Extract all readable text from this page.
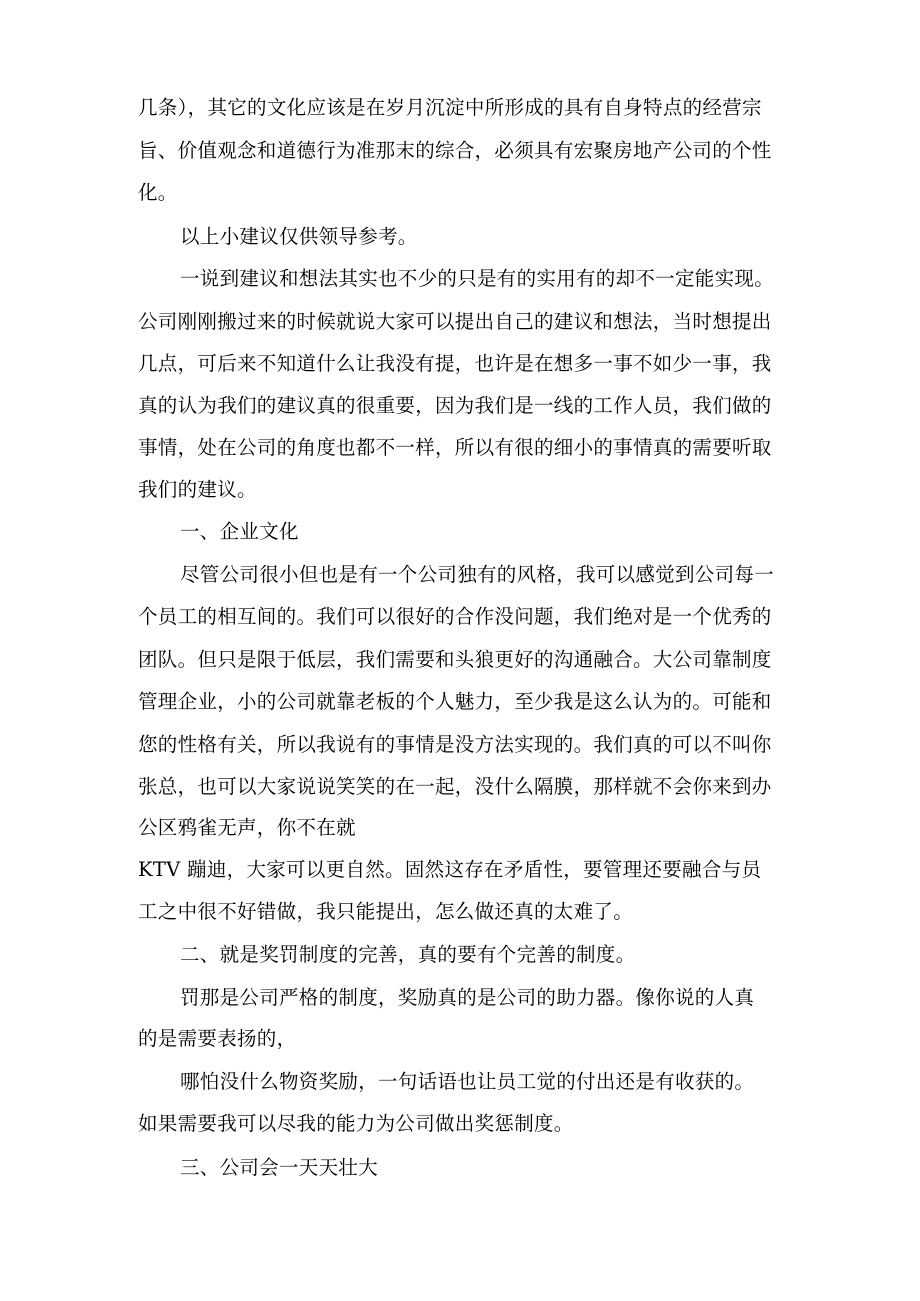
几条），其它的文化应该是在岁月沉淀中所形成的具有自身特点的经营宗
旨、价值观念和道德行为准那末的综合，必须具有宏聚房地产公司的个性
化。
以上小建议仅供领导参考。
一说到建议和想法其实也不少的只是有的实用有的却不一定能实现。
公司刚刚搬过来的时候就说大家可以提出自己的建议和想法，当时想提出
几点，可后来不知道什么让我没有提，也许是在想多一事不如少一事，我
真的认为我们的建议真的很重要，因为我们是一线的工作人员，我们做的
事情，处在公司的角度也都不一样，所以有很的细小的事情真的需要听取
我们的建议。
一、企业文化
尽管公司很小但也是有一个公司独有的风格，我可以感觉到公司每一
个员工的相互间的。我们可以很好的合作没问题，我们绝对是一个优秀的
团队。但只是限于低层，我们需要和头狼更好的沟通融合。大公司靠制度
管理企业，小的公司就靠老板的个人魅力，至少我是这么认为的。可能和
您的性格有关，所以我说有的事情是没方法实现的。我们真的可以不叫你
张总，也可以大家说说笑笑的在一起，没什么隔膜，那样就不会你来到办
公区鸦雀无声，你不在就
KTV 蹦迪，大家可以更自然。固然这存在矛盾性，要管理还要融合与员
工之中很不好错做，我只能提出，怎么做还真的太难了。
二、就是奖罚制度的完善，真的要有个完善的制度。
罚那是公司严格的制度，奖励真的是公司的助力器。像你说的人真
的是需要表扬的，
哪怕没什么物资奖励，一句话语也让员工觉的付出还是有收获的。
如果需要我可以尽我的能力为公司做出奖惩制度。
三、公司会一天天壮大
